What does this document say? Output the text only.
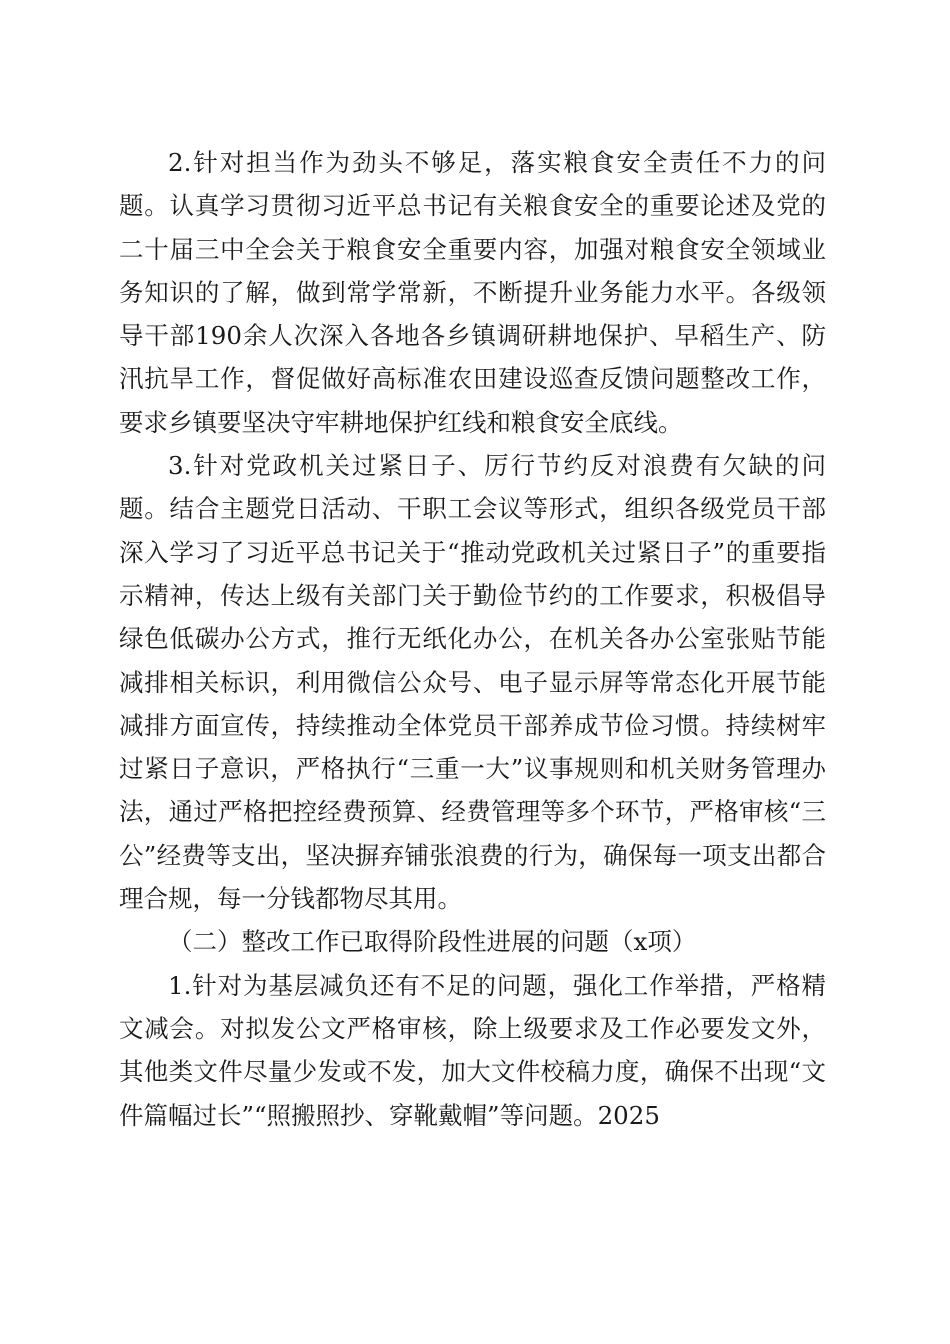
2.针对担当作为劲头不够足，落实粮食安全责任不力的问题。认真学习贯彻习近平总书记有关粮食安全的重要论述及党的二十届三中全会关于粮食安全重要内容，加强对粮食安全领域业务知识的了解，做到常学常新，不断提升业务能力水平。各级领导干部190余人次深入各地各乡镇调研耕地保护、早稻生产、防汛抗旱工作，督促做好高标准农田建设巡查反馈问题整改工作，要求乡镇要坚决守牢耕地保护红线和粮食安全底线。

3.针对党政机关过紧日子、厉行节约反对浪费有欠缺的问题。结合主题党日活动、干职工会议等形式，组织各级党员干部深入学习了习近平总书记关于“推动党政机关过紧日子”的重要指示精神，传达上级有关部门关于勤俭节约的工作要求，积极倡导绿色低碳办公方式，推行无纸化办公，在机关各办公室张贴节能减排相关标识，利用微信公众号、电子显示屏等常态化开展节能减排方面宣传，持续推动全体党员干部养成节俭习惯。持续树牢过紧日子意识，严格执行“三重一大”议事规则和机关财务管理办法，通过严格把控经费预算、经费管理等多个环节，严格审核“三公”经费等支出，坚决摒弃铺张浪费的行为，确保每一项支出都合理合规，每一分钱都物尽其用。

（二）整改工作已取得阶段性进展的问题（x项）

1.针对为基层减负还有不足的问题，强化工作举措，严格精文减会。对拟发公文严格审核，除上级要求及工作必要发文外，其他类文件尽量少发或不发，加大文件校稿力度，确保不出现“文件篇幅过长”“照搬照抄、穿靴戴帽”等问题。2025
